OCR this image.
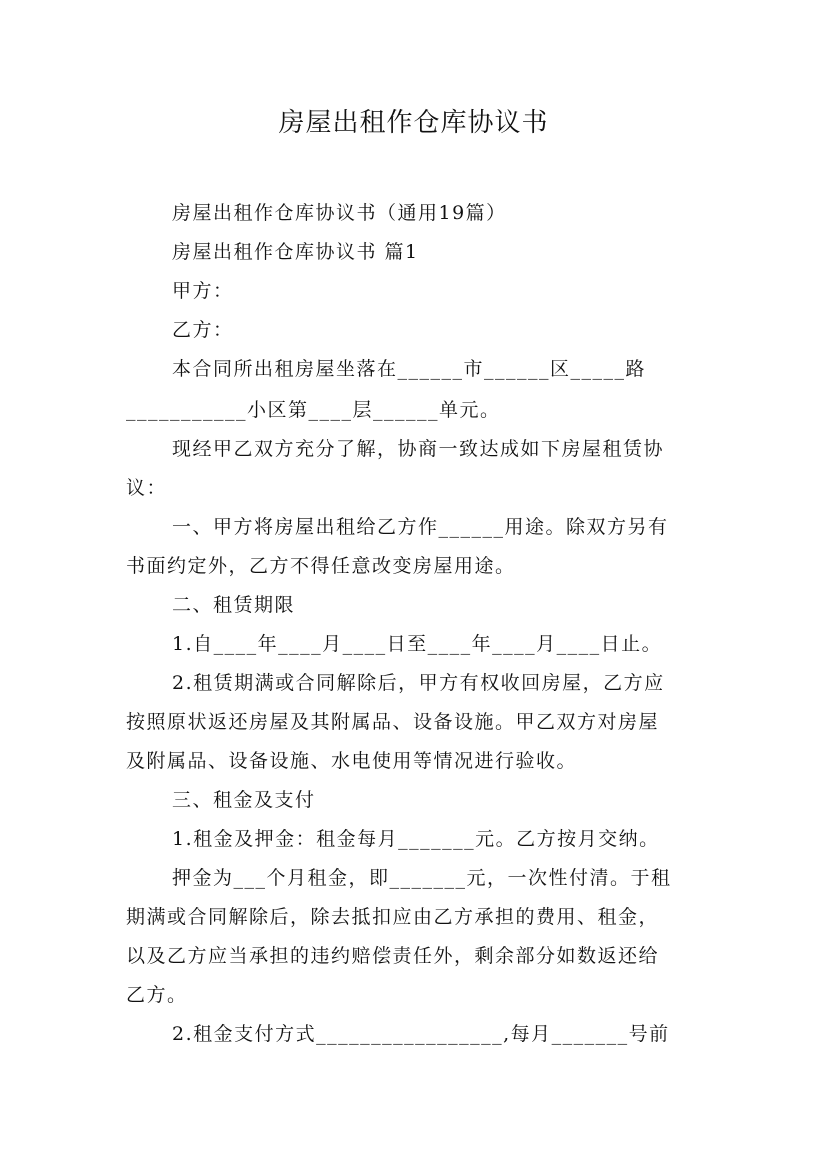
房屋出租作仓库协议书
房屋出租作仓库协议书（通用19篇）
房屋出租作仓库协议书 篇1
甲方：
乙方：
本合同所出租房屋坐落在______市______区_____路
___________小区第____层______单元。
现经甲乙双方充分了解，协商一致达成如下房屋租赁协
议：
一、甲方将房屋出租给乙方作______用途。除双方另有
书面约定外，乙方不得任意改变房屋用途。
二、租赁期限
1.自____年____月____日至____年____月____日止。
2.租赁期满或合同解除后，甲方有权收回房屋，乙方应
按照原状返还房屋及其附属品、设备设施。甲乙双方对房屋
及附属品、设备设施、水电使用等情况进行验收。
三、租金及支付
1.租金及押金：租金每月_______元。乙方按月交纳。
押金为___个月租金，即_______元，一次性付清。于租
期满或合同解除后，除去抵扣应由乙方承担的费用、租金，
以及乙方应当承担的违约赔偿责任外，剩余部分如数返还给
乙方。
2.租金支付方式_________________,每月_______号前
